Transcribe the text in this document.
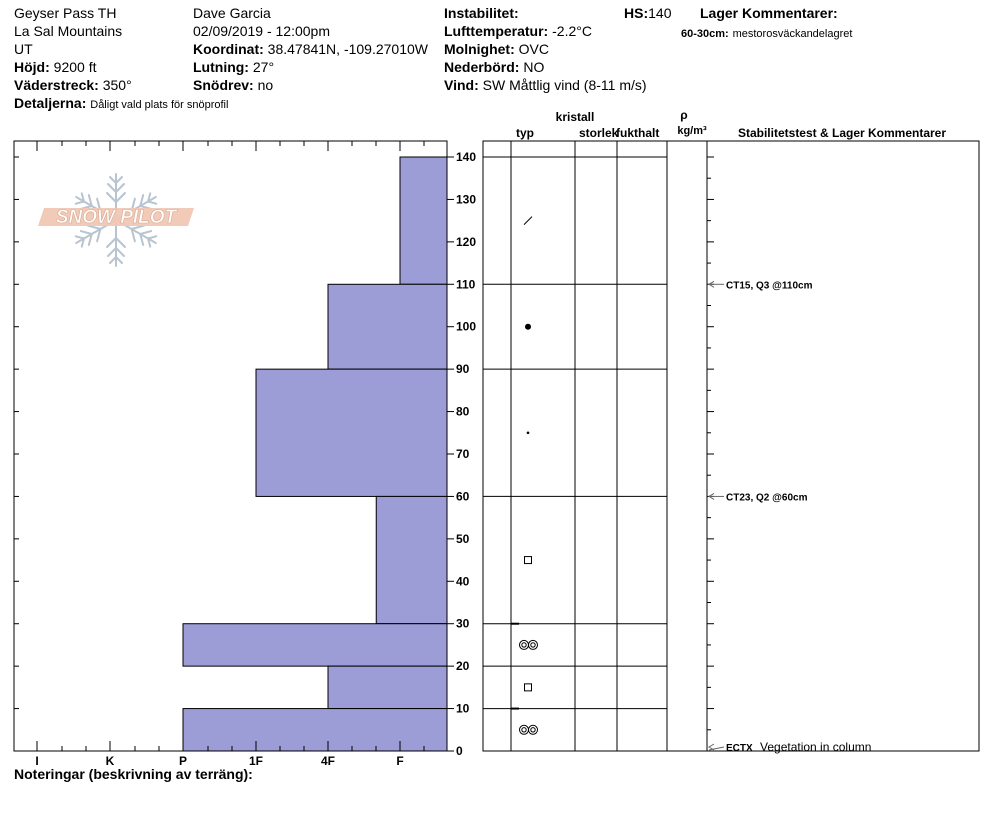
Geyser Pass TH
La Sal Mountains
UT
Höjd: 9200 ft
Väderstreck: 350°
Detaljerna: Dåligt vald plats för snöprofil
Dave Garcia
02/09/2019 - 12:00pm
Koordinat: 38.47841N, -109.27010W
Lutning: 27°
Snödrev: no
Instabilitet:
Lufttemperatur: -2.2°C
Molnighet: OVC
Nederbörd: NO
Vind: SW Måttlig vind (8-11 m/s)
HS:140 Lager Kommentarer:
60-30cm: mestorosväckandelagret
SNOW PILOT
0
10
20
30
40
50
60
70
80
90
100
110
120
130
140
I	K	P	1F	4F	F
CT15, Q3 @110cm
CT23, Q2 @60cm
ECTX Vegetation in column
kristall
typ	storlek
fukthalt
ρ
kg/m³	Stabilitetstest & Lager Kommentarer
Noteringar (beskrivning av terräng):
